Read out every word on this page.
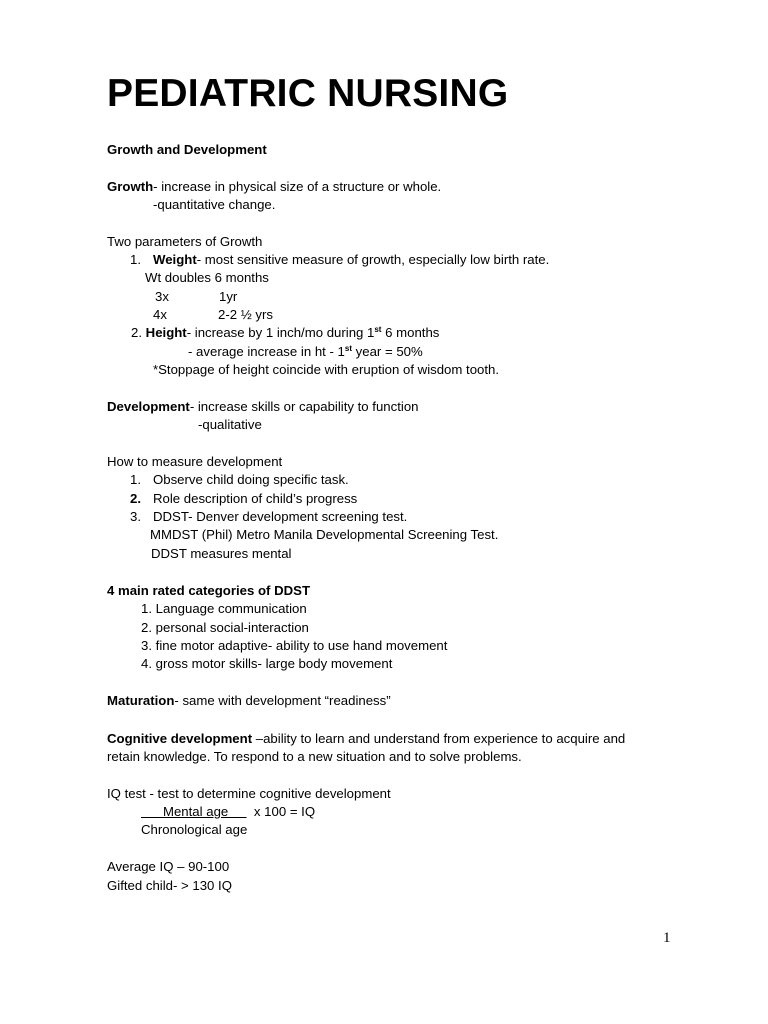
PEDIATRIC NURSING
Growth and Development
Growth- increase in physical size of a structure or whole.
-quantitative change.
Two parameters of Growth
1. Weight- most sensitive measure of growth, especially low birth rate.
Wt doubles 6 months
3x	1yr
4x	2-2 ½ yrs
2. Height- increase by 1 inch/mo during 1st 6 months
- average increase in ht - 1st year = 50%
*Stoppage of height coincide with eruption of wisdom tooth.
Development- increase skills or capability to function
-qualitative
How to measure development
1. Observe child doing specific task.
2. Role description of child’s progress
3. DDST- Denver development screening test.
MMDST (Phil) Metro Manila Developmental Screening Test.
DDST measures mental
4 main rated categories of DDST
1. Language communication
2. personal social-interaction
3. fine motor adaptive- ability to use hand movement
4. gross motor skills- large body movement
Maturation- same with development “readiness”
Cognitive development –ability to learn and understand from experience to acquire and
retain knowledge. To respond to a new situation and to solve problems.
IQ test - test to determine cognitive development
Mental age       x 100 = IQ
Chronological age
Average IQ – 90-100
Gifted child- > 130 IQ
1
